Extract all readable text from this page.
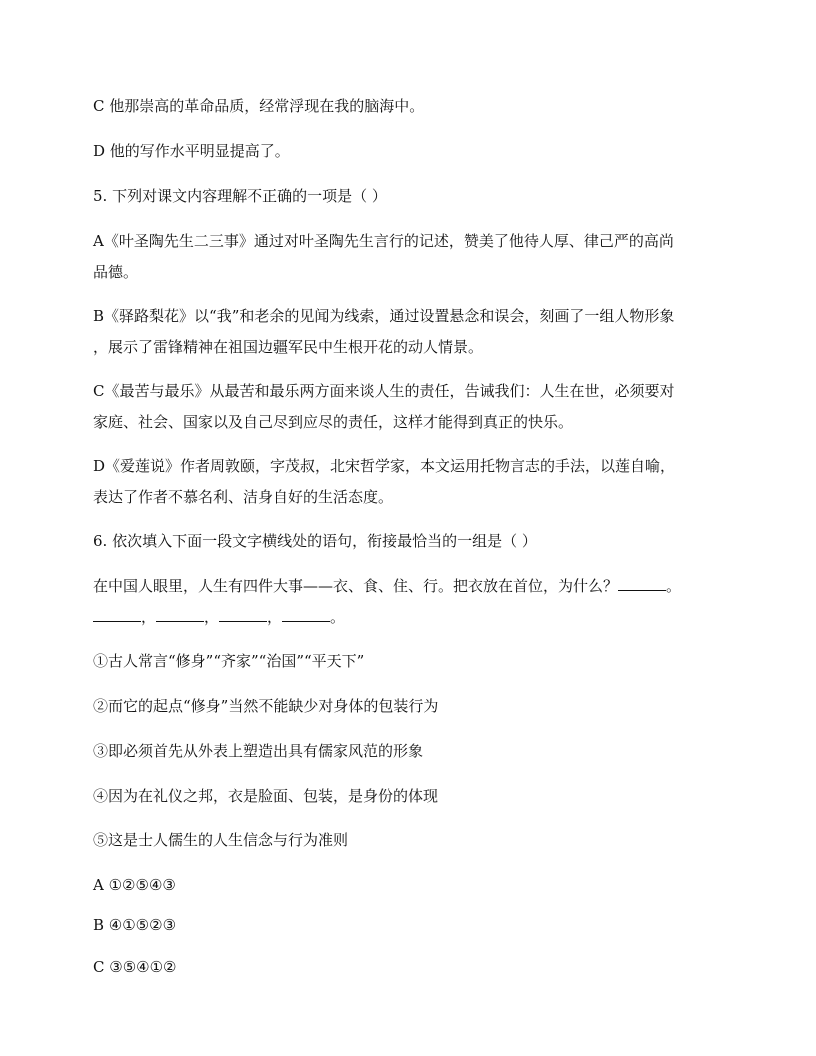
C 他那崇高的革命品质，经常浮现在我的脑海中。
D 他的写作水平明显提高了。
5. 下列对课文内容理解不正确的一项是（ ）
A《叶圣陶先生二三事》通过对叶圣陶先生言行的记述，赞美了他待人厚、律己严的高尚
品德。
B《驿路梨花》以“我”和老余的见闻为线索，通过设置悬念和误会，刻画了一组人物形象
，展示了雷锋精神在祖国边疆军民中生根开花的动人情景。
C《最苦与最乐》从最苦和最乐两方面来谈人生的责任，告诫我们：人生在世，必须要对
家庭、社会、国家以及自己尽到应尽的责任，这样才能得到真正的快乐。
D《爱莲说》作者周敦颐，字茂叔，北宋哲学家，本文运用托物言志的手法，以莲自喻，
表达了作者不慕名利、洁身自好的生活态度。
6. 依次填入下面一段文字横线处的语句，衔接最恰当的一组是（ ）
在中国人眼里，人生有四件大事——衣、食、住、行。把衣放在首位，为什么？	。
，	，	，	。
①古人常言“修身”“齐家”“治国”“平天下”
②而它的起点“修身”当然不能缺少对身体的包装行为
③即必须首先从外表上塑造出具有儒家风范的形象
④因为在礼仪之邦，衣是脸面、包装，是身份的体现
⑤这是士人儒生的人生信念与行为准则
A ①②⑤④③
B ④①⑤②③
C ③⑤④①②
